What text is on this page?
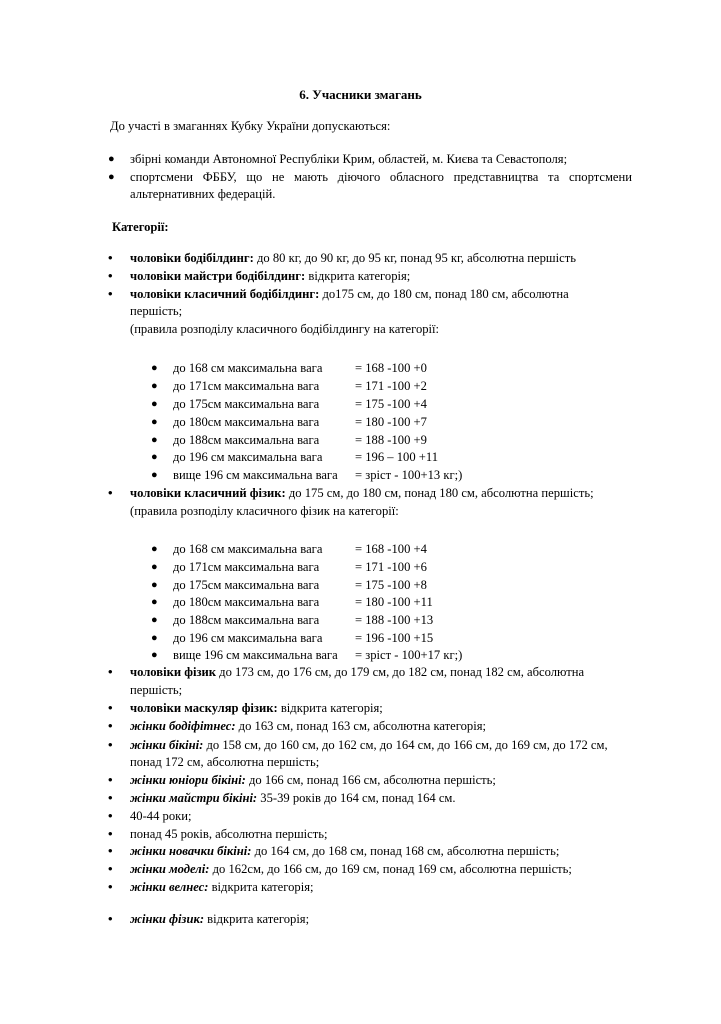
6. Учасники змагань
До участі в змаганнях Кубку України допускаються:
● збірні команди Автономної Республіки Крим, областей, м. Києва та Севастополя;
● спортсмени ФББУ, що не мають діючого обласного представництва та спортсмени
альтернативних федерацій.
Категорії:
• чоловіки бодібілдинг: до 80 кг, до 90 кг, до 95 кг, понад 95 кг, абсолютна першість
• чоловіки майстри бодібілдинг: відкрита категорія;
• чоловіки класичний бодібілдинг: до175 см, до 180 см, понад 180 см, абсолютна
першість;
(правила розподілу класичного бодібілдингу на категорії:
● до 168 см максимальна вага	= 168 -100 +0
● до 171см максимальна вага	= 171 -100 +2
● до 175см максимальна вага	= 175 -100 +4
● до 180см максимальна вага	= 180 -100 +7
● до 188см максимальна вага	= 188 -100 +9
● до 196 см максимальна вага	= 196 – 100 +11
● вище 196 см максимальна вага = зріст - 100+13 кг;)
• чоловіки класичний фізик: до 175 см, до 180 см, понад 180 см, абсолютна першість;
(правила розподілу класичного фізик на категорії:
● до 168 см максимальна вага	= 168 -100 +4
● до 171см максимальна вага	= 171 -100 +6
● до 175см максимальна вага	= 175 -100 +8
● до 180см максимальна вага	= 180 -100 +11
● до 188см максимальна вага	= 188 -100 +13
● до 196 см максимальна вага	= 196 -100 +15
● вище 196 см максимальна вага = зріст - 100+17 кг;)
• чоловіки фізик до 173 см, до 176 см, до 179 см, до 182 см, понад 182 см, абсолютна
першість;
• чоловіки маскуляр фізик: відкрита категорія;
• жінки бодіфітнес: до 163 см, понад 163 см, абсолютна категорія;
• жінки бікіні: до 158 см, до 160 см, до 162 см, до 164 см, до 166 см, до 169 см, до 172 см,
понад 172 см, абсолютна першість;
• жінки юніори бікіні: до 166 см, понад 166 см, абсолютна першість;
• жінки майстри бікіні: 35-39 років до 164 см, понад 164 см.
• 40-44 роки;
• понад 45 років, абсолютна першість;
• жінки новачки бікіні: до 164 см, до 168 см, понад 168 см, абсолютна першість;
• жінки моделі: до 162см, до 166 см, до 169 см, понад 169 см, абсолютна першість;
• жінки велнес: відкрита категорія;
• жінки фізик: відкрита категорія;
